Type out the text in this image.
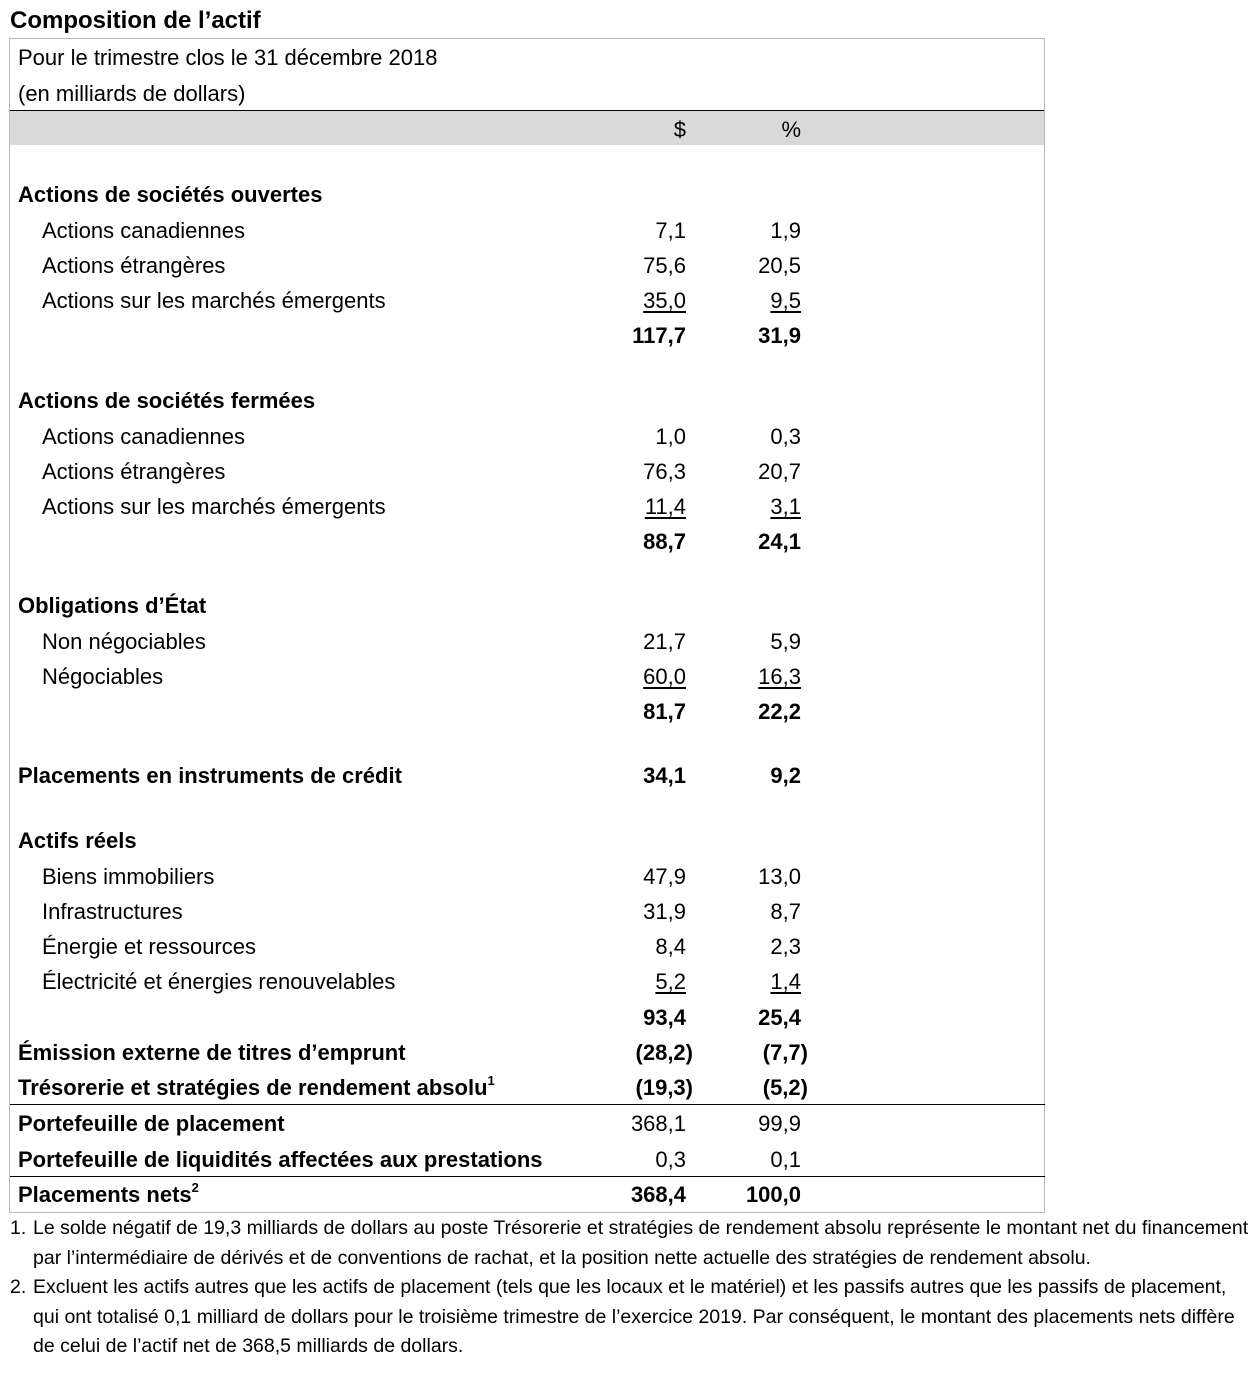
Composition de l’actif
Pour le trimestre clos le 31 décembre 2018
(en milliards de dollars)
$	%
Actions de sociétés ouvertes
Actions canadiennes	7,1	1,9
Actions étrangères	75,6	20,5
Actions sur les marchés émergents	35,0	9,5
117,7	31,9
Actions de sociétés fermées
Actions canadiennes	1,0	0,3
Actions étrangères	76,3	20,7
Actions sur les marchés émergents	11,4	3,1
88,7	24,1
Obligations d’État
Non négociables	21,7	5,9
Négociables	60,0	16,3
81,7	22,2
Placements en instruments de crédit	34,1	9,2
Actifs réels
Biens immobiliers	47,9	13,0
Infrastructures	31,9	8,7
Énergie et ressources	8,4	2,3
Électricité et énergies renouvelables	5,2	1,4
93,4	25,4
Émission externe de titres d’emprunt	(28,2)	(7,7)
Trésorerie et stratégies de rendement absolu$^1$	(19,3)	(5,2)
Portefeuille de placement	368,1	99,9
Portefeuille de liquidités affectées aux prestations	0,3	0,1
Placements nets$^2$	368,4	100,0
1. Le solde négatif de 19,3 milliards de dollars au poste Trésorerie et stratégies de rendement absolu représente le montant net du financement par l’intermédiaire de dérivés et de conventions de rachat, et la position nette actuelle des stratégies de rendement absolu.
2. Excluent les actifs autres que les actifs de placement (tels que les locaux et le matériel) et les passifs autres que les passifs de placement, qui ont totalisé 0,1 milliard de dollars pour le troisième trimestre de l’exercice 2019. Par conséquent, le montant des placements nets diffère de celui de l’actif net de 368,5 milliards de dollars.
